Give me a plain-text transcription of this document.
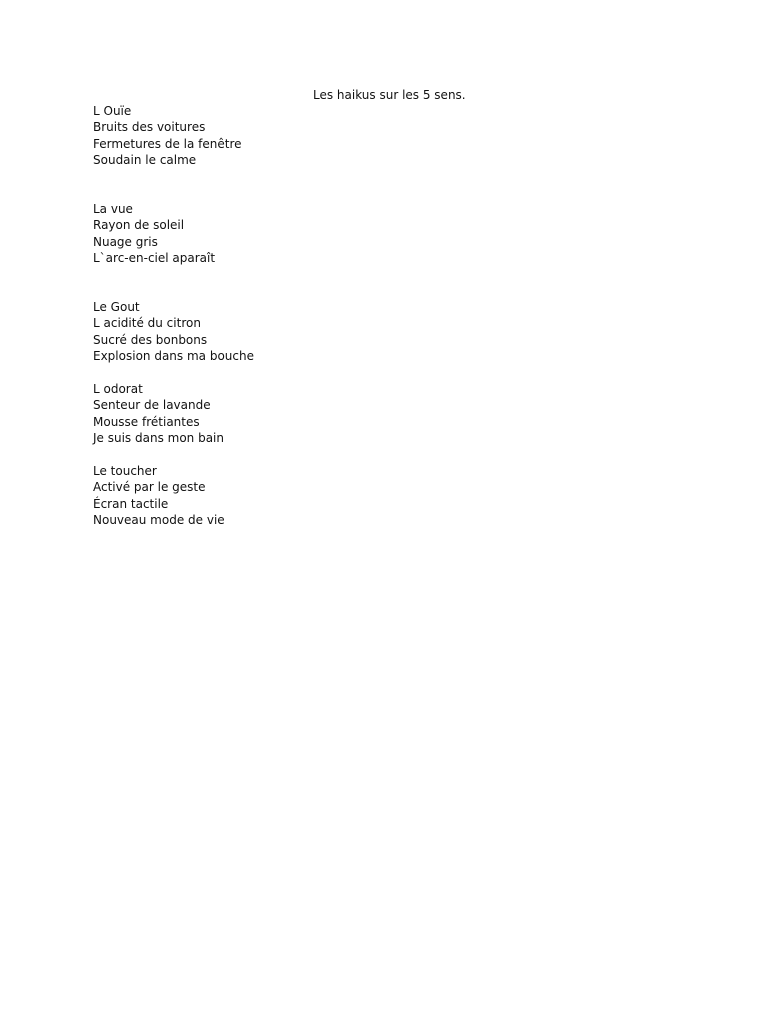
Les haikus sur les 5 sens.
L Ouïe
Bruits des voitures
Fermetures de la fenêtre
Soudain le calme
La vue
Rayon de soleil
Nuage gris
L`arc-en-ciel aparaît
Le Gout
L acidité du citron
Sucré des bonbons
Explosion dans ma bouche
L odorat
Senteur de lavande
Mousse frétiantes
Je suis dans mon bain
Le toucher
Activé par le geste
Écran tactile
Nouveau mode de vie
